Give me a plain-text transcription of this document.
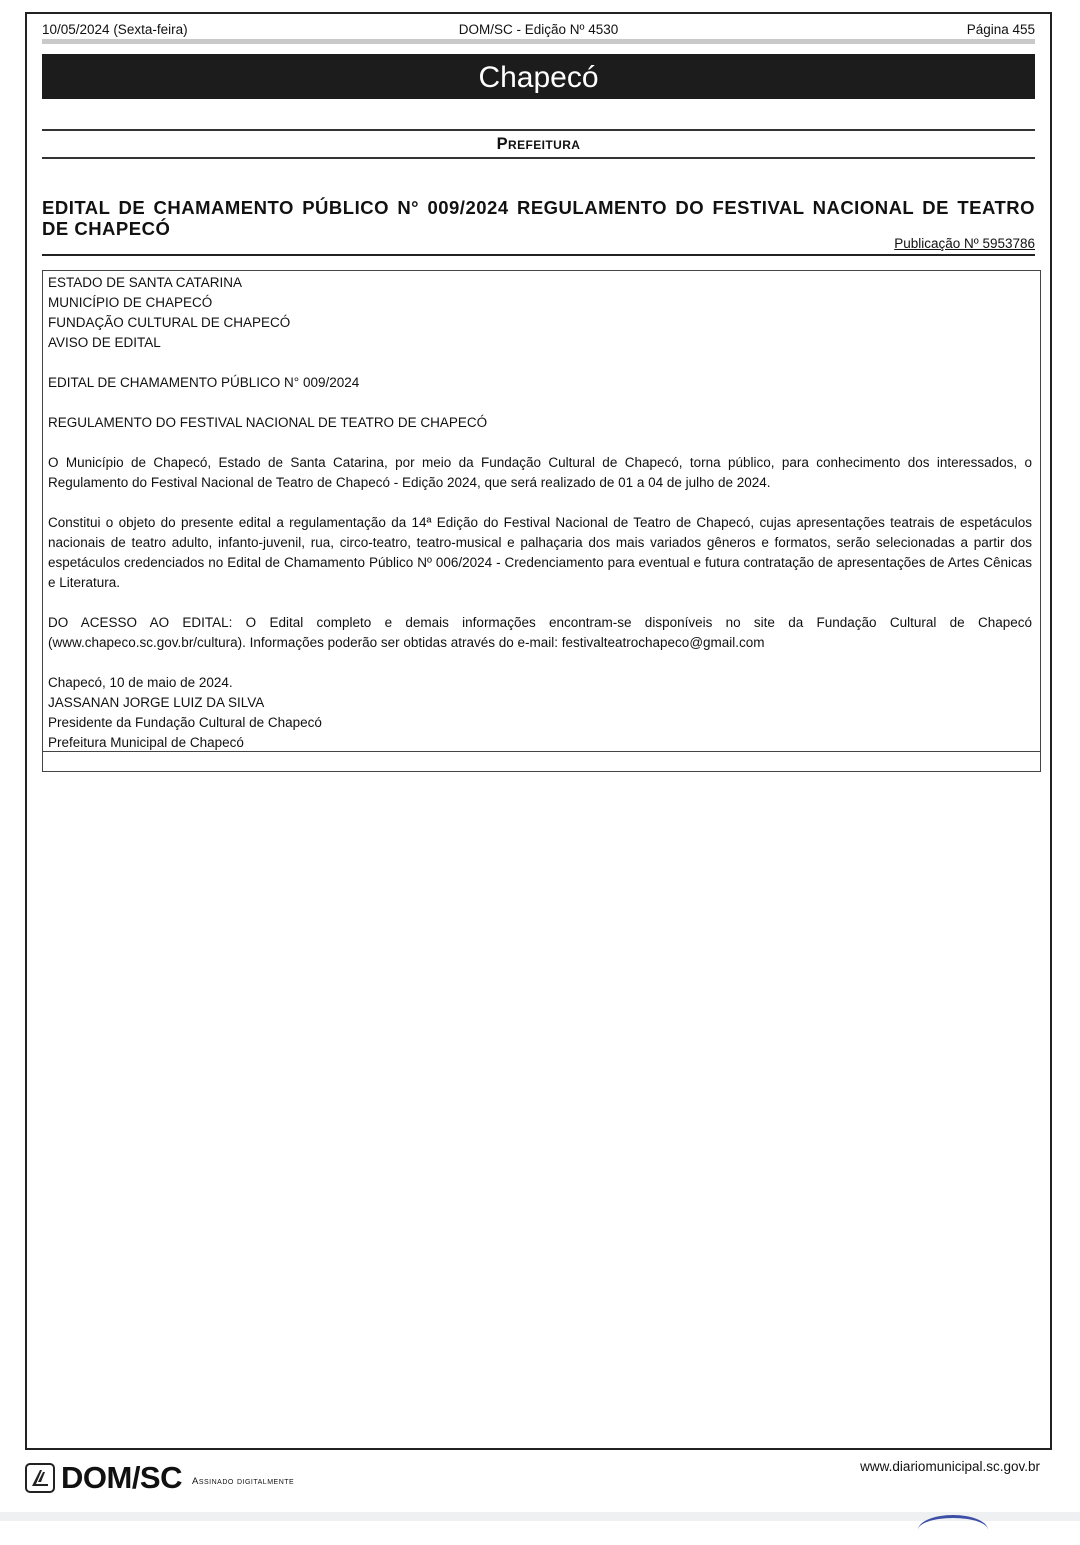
10/05/2024 (Sexta-feira)	DOM/SC - Edição Nº 4530	Página 455
Chapecó
Prefeitura
EDITAL DE CHAMAMENTO PÚBLICO N° 009/2024 REGULAMENTO DO FESTIVAL NACIONAL DE TEATRO DE CHAPECÓ
Publicação Nº 5953786

ESTADO DE SANTA CATARINA

MUNICÍPIO DE CHAPECÓ

FUNDAÇÃO CULTURAL DE CHAPECÓ

AVISO DE EDITAL

EDITAL DE CHAMAMENTO PÚBLICO N° 009/2024

REGULAMENTO DO FESTIVAL NACIONAL DE TEATRO DE CHAPECÓ

O Município de Chapecó, Estado de Santa Catarina, por meio da Fundação Cultural de Chapecó, torna público, para conhecimento dos interessados, o Regulamento do Festival Nacional de Teatro de Chapecó - Edição 2024, que será realizado de 01 a 04 de julho de 2024.

Constitui o objeto do presente edital a regulamentação da 14ª Edição do Festival Nacional de Teatro de Chapecó, cujas apresentações teatrais de espetáculos nacionais de teatro adulto, infanto-juvenil, rua, circo-teatro, teatro-musical e palhaçaria dos mais variados gêneros e formatos, serão selecionadas a partir dos espetáculos credenciados no Edital de Chamamento Público Nº 006/2024 - Credenciamento para eventual e futura contratação de apresentações de Artes Cênicas e Literatura.

DO ACESSO AO EDITAL: O Edital completo e demais informações encontram-se disponíveis no site da Fundação Cultural de Chapecó (www.chapeco.sc.gov.br/cultura). Informações poderão ser obtidas através do e-mail: festivalteatrochapeco@gmail.com

Chapecó, 10 de maio de 2024.

JASSANAN JORGE LUIZ DA SILVA

Presidente da Fundação Cultural de Chapecó

Prefeitura Municipal de Chapecó

DOM/SC Assinado digitalmente
www.diariomunicipal.sc.gov.br
